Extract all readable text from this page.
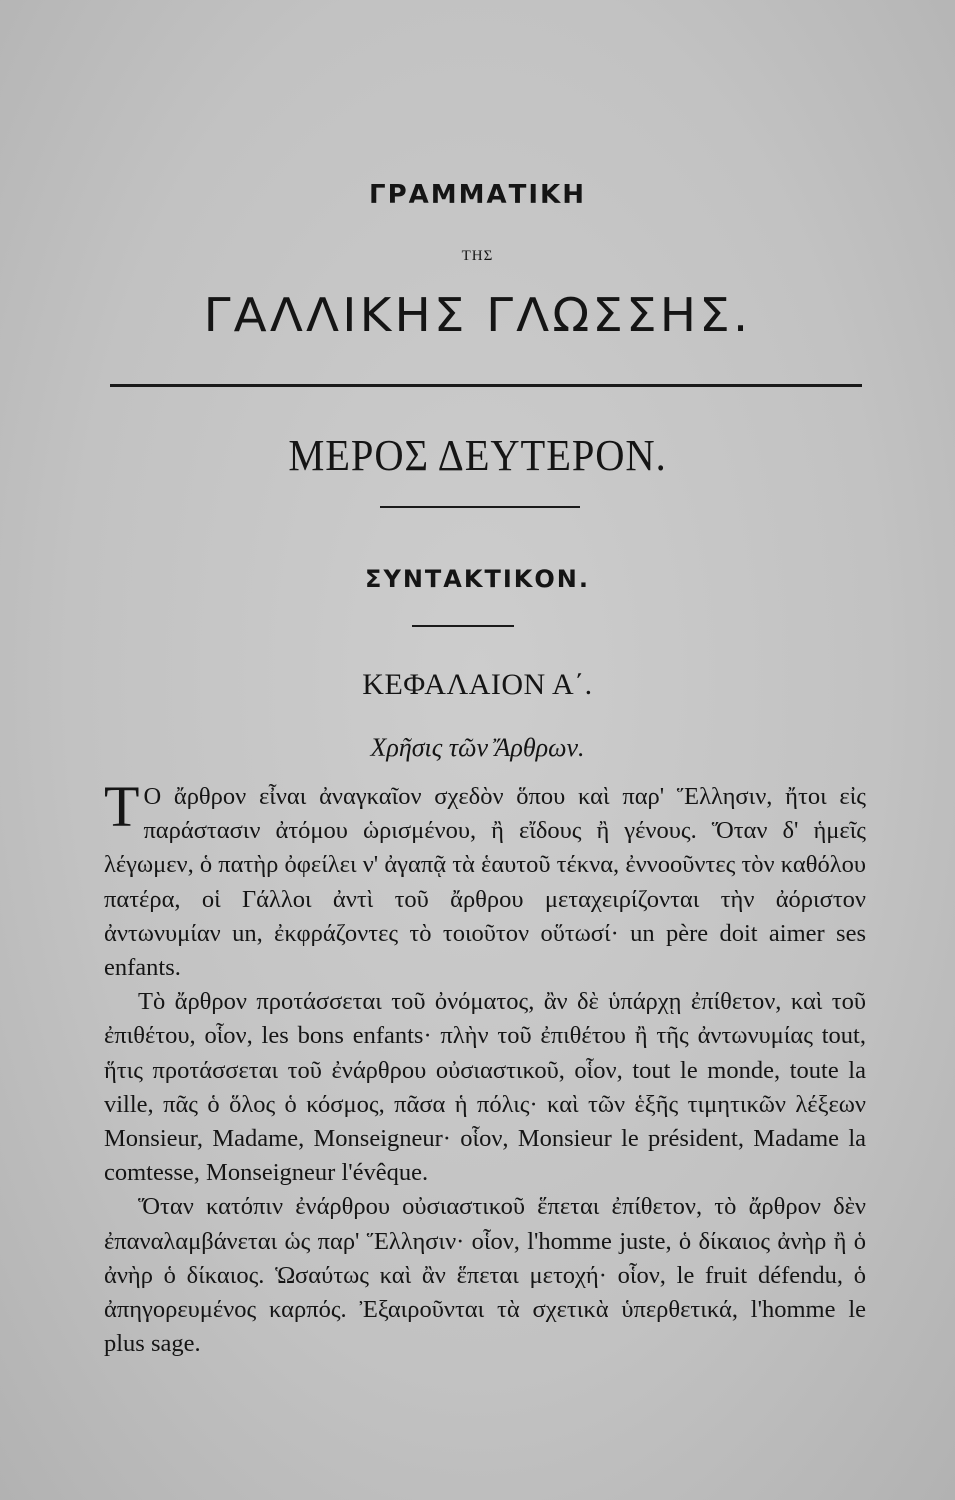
ΓΡΑΜΜΑΤΙΚΗ
ΤΗΣ
ΓΑΛΛΙΚΗΣ ΓΛΩΣΣΗΣ.
ΜΕΡΟΣ ΔΕΥΤΕΡΟΝ.
ΣΥΝΤΑΚΤΙΚΟΝ.
ΚΕΦΑΛΑΙΟΝ Α΄.
Χρῆσις τῶν Ἄρθρων.

Τ Ο ἄρθρον εἶναι ἀναγκαῖον σχεδὸν ὅπου καὶ παρ' Ἕλλησιν, ἤτοι εἰς παράστασιν ἀτόμου ὡρισμένου, ἢ εἴδους ἢ γένους. Ὅταν δ' ἡμεῖς λέγωμεν, ὁ πατὴρ ὀφείλει ν' ἀγαπᾷ τὰ ἑαυτοῦ τέκνα, ἐννοοῦντες τὸν καθόλου πατέρα, οἱ Γάλλοι ἀντὶ τοῦ ἄρθρου μεταχειρίζονται τὴν ἀόριστον ἀντωνυμίαν un, ἐκφράζοντες τὸ τοιοῦτον οὕτωσί· un père doit aimer ses enfants.

Τὸ ἄρθρον προτάσσεται τοῦ ὀνόματος, ἂν δὲ ὑπάρχῃ ἐπίθετον, καὶ τοῦ ἐπιθέτου, οἷον, les bons enfants· πλὴν τοῦ ἐπιθέτου ἢ τῆς ἀντωνυμίας tout, ἥτις προτάσσεται τοῦ ἐνάρθρου οὐσιαστικοῦ, οἷον, tout le monde, toute la ville, πᾶς ὁ ὅλος ὁ κόσμος, πᾶσα ἡ πόλις· καὶ τῶν ἑξῆς τιμητικῶν λέξεων Monsieur, Madame, Monseigneur· οἷον, Monsieur le président, Madame la comtesse, Monseigneur l'évêque.

Ὅταν κατόπιν ἐνάρθρου οὐσιαστικοῦ ἕπεται ἐπίθετον, τὸ ἄρθρον δὲν ἐπαναλαμβάνεται ὡς παρ' Ἕλλησιν· οἷον, l'homme juste, ὁ δίκαιος ἀνὴρ ἢ ὁ ἀνὴρ ὁ δίκαιος. Ὡσαύτως καὶ ἂν ἕπεται μετοχή· οἷον, le fruit défendu, ὁ ἀπηγορευμένος καρπός. Ἐξαιροῦνται τὰ σχετικὰ ὑπερθετικά, l'homme le plus sage.
